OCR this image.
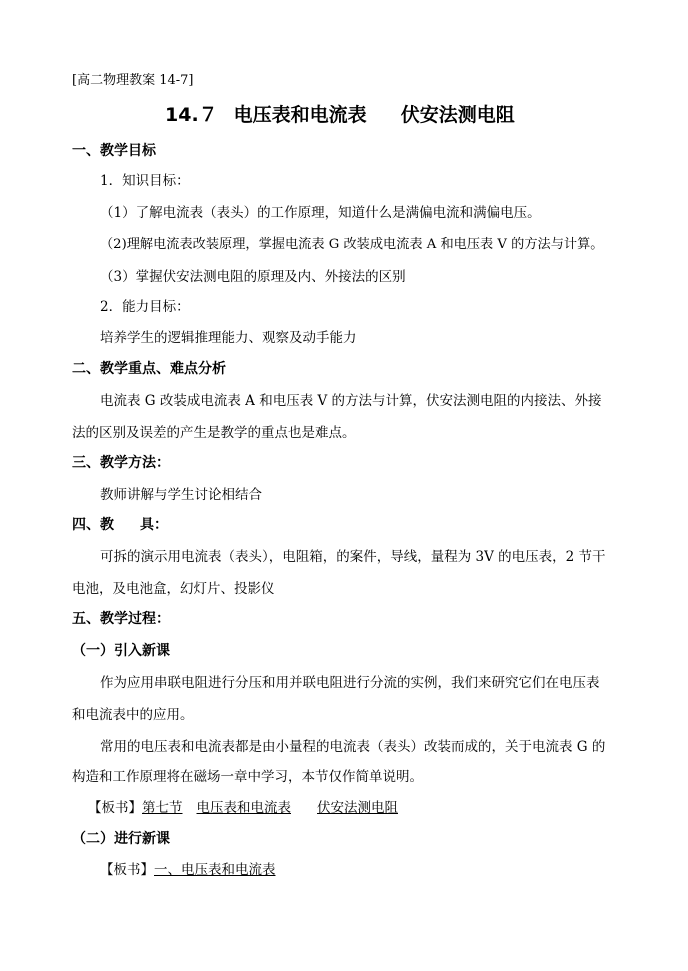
[高二物理教案 14-7]
14.７ 电压表和电流表 伏安法测电阻
一、教学目标
1．知识目标：
（1）了解电流表（表头）的工作原理，知道什么是满偏电流和满偏电压。
（2)理解电流表改装原理，掌握电流表 G 改装成电流表 A 和电压表 V 的方法与计算。
（3）掌握伏安法测电阻的原理及内、外接法的区别
2．能力目标：
培养学生的逻辑推理能力、观察及动手能力
二、教学重点、难点分析
电流表 G 改装成电流表 A 和电压表 V 的方法与计算，伏安法测电阻的内接法、外接
法的区别及误差的产生是教学的重点也是难点。
三、教学方法：
教师讲解与学生讨论相结合
四、教 具：
可拆的演示用电流表（表头），电阻箱，的案件，导线，量程为 3V 的电压表，2 节干
电池，及电池盒，幻灯片、投影仪
五、教学过程：
（一）引入新课
作为应用串联电阻进行分压和用并联电阻进行分流的实例，我们来研究它们在电压表
和电流表中的应用。
常用的电压表和电流表都是由小量程的电流表（表头）改装而成的，关于电流表 G 的
构造和工作原理将在磁场一章中学习，本节仅作简单说明。
【板书】第七节 电压表和电流表 伏安法测电阻
（二）进行新课
【板书】一、电压表和电流表
